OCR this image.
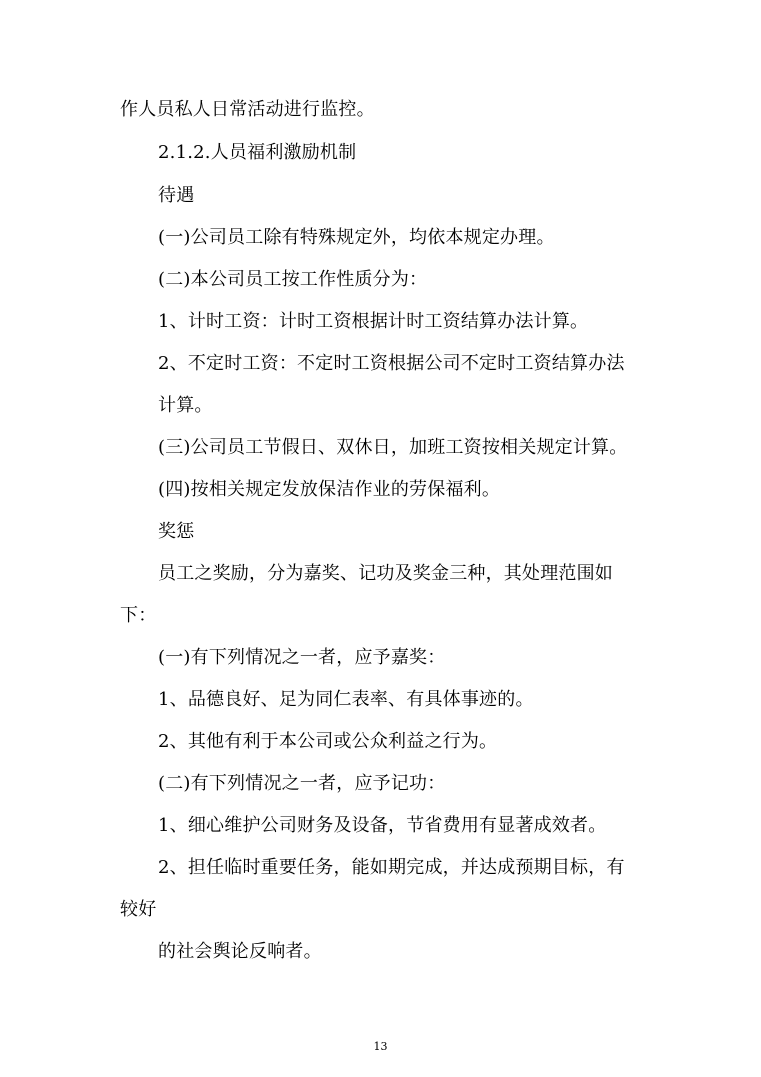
作人员私人日常活动进行监控。
2.1.2.人员福利激励机制
待遇
(一)公司员工除有特殊规定外，均依本规定办理。
(二)本公司员工按工作性质分为：
1、计时工资：计时工资根据计时工资结算办法计算。
2、不定时工资：不定时工资根据公司不定时工资结算办法
计算。
(三)公司员工节假日、双休日，加班工资按相关规定计算。
(四)按相关规定发放保洁作业的劳保福利。
奖惩
员工之奖励，分为嘉奖、记功及奖金三种，其处理范围如
下：
(一)有下列情况之一者，应予嘉奖：
1、品德良好、足为同仁表率、有具体事迹的。
2、其他有利于本公司或公众利益之行为。
(二)有下列情况之一者，应予记功：
1、细心维护公司财务及设备，节省费用有显著成效者。
2、担任临时重要任务，能如期完成，并达成预期目标，有
较好
的社会舆论反响者。
13
